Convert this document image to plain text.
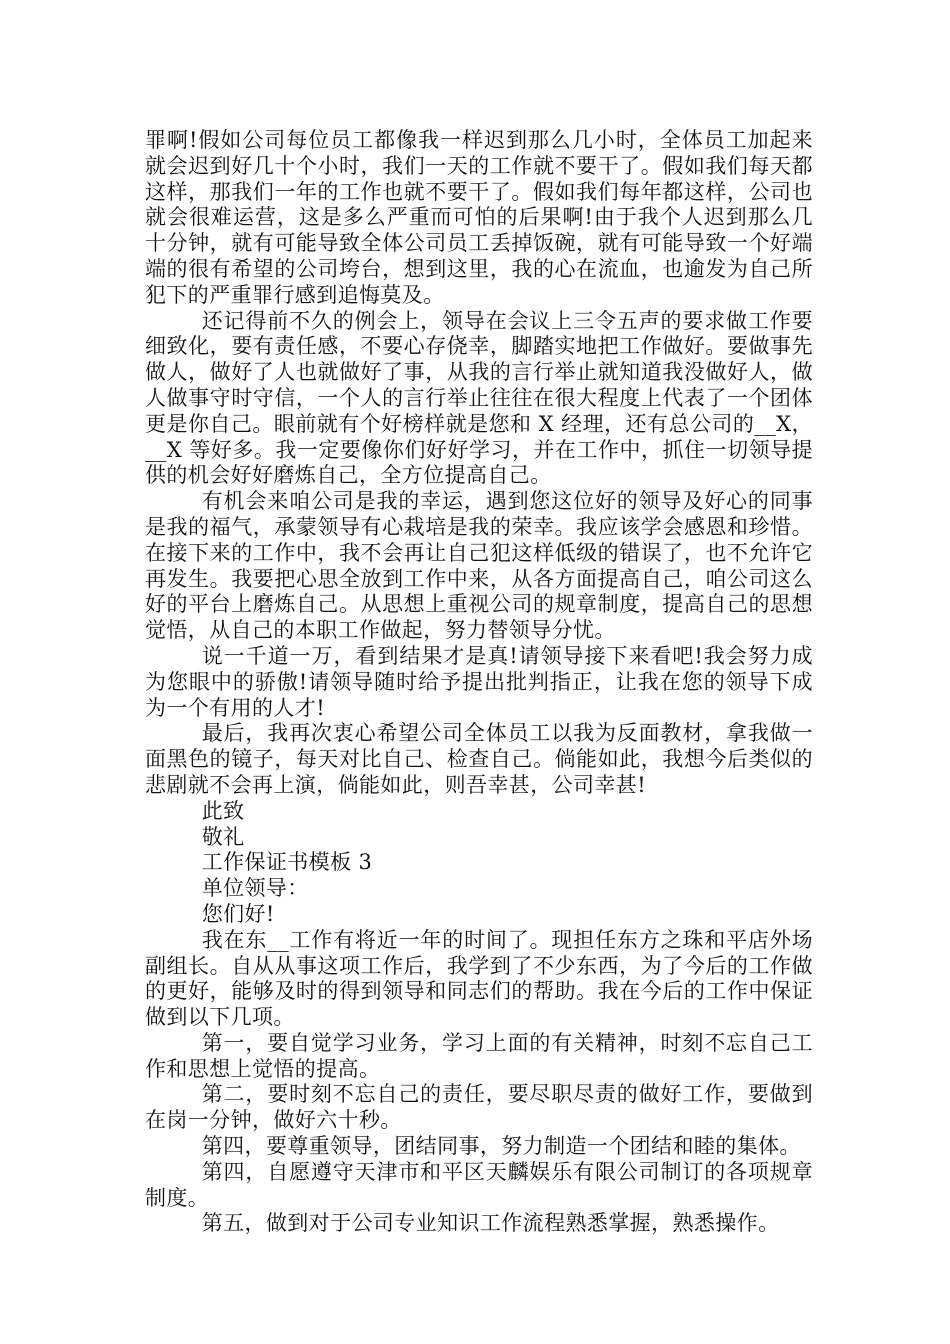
罪啊!假如公司每位员工都像我一样迟到那么几小时，全体员工加起来就会迟到好几十个小时，我们一天的工作就不要干了。假如我们每天都这样，那我们一年的工作也就不要干了。假如我们每年都这样，公司也就会很难运营，这是多么严重而可怕的后果啊!由于我个人迟到那么几十分钟，就有可能导致全体公司员工丢掉饭碗，就有可能导致一个好端端的很有希望的公司垮台，想到这里，我的心在流血，也逾发为自己所犯下的严重罪行感到追悔莫及。

还记得前不久的例会上，领导在会议上三令五声的要求做工作要细致化，要有责任感，不要心存侥幸，脚踏实地把工作做好。要做事先做人，做好了人也就做好了事，从我的言行举止就知道我没做好人，做人做事守时守信，一个人的言行举止往往在很大程度上代表了一个团体更是你自己。眼前就有个好榜样就是您和 X 经理，还有总公司的__X，__X 等好多。我一定要像你们好好学习，并在工作中，抓住一切领导提供的机会好好磨炼自己，全方位提高自己。

有机会来咱公司是我的幸运，遇到您这位好的领导及好心的同事是我的福气，承蒙领导有心栽培是我的荣幸。我应该学会感恩和珍惜。在接下来的工作中，我不会再让自己犯这样低级的错误了，也不允许它再发生。我要把心思全放到工作中来，从各方面提高自己，咱公司这么好的平台上磨炼自己。从思想上重视公司的规章制度，提高自己的思想觉悟，从自己的本职工作做起，努力替领导分忧。

说一千道一万，看到结果才是真!请领导接下来看吧!我会努力成为您眼中的骄傲!请领导随时给予提出批判指正，让我在您的领导下成为一个有用的人才!

最后，我再次衷心希望公司全体员工以我为反面教材，拿我做一面黑色的镜子，每天对比自己、检查自己。倘能如此，我想今后类似的悲剧就不会再上演，倘能如此，则吾幸甚，公司幸甚!

此致

敬礼

工作保证书模板 3

单位领导：

您们好!

我在东__工作有将近一年的时间了。现担任东方之珠和平店外场副组长。自从从事这项工作后，我学到了不少东西，为了今后的工作做的更好，能够及时的得到领导和同志们的帮助。我在今后的工作中保证做到以下几项。

第一，要自觉学习业务，学习上面的有关精神，时刻不忘自己工作和思想上觉悟的提高。

第二，要时刻不忘自己的责任，要尽职尽责的做好工作，要做到在岗一分钟，做好六十秒。

第四，要尊重领导，团结同事，努力制造一个团结和睦的集体。

第四，自愿遵守天津市和平区天麟娱乐有限公司制订的各项规章制度。

第五，做到对于公司专业知识工作流程熟悉掌握，熟悉操作。
